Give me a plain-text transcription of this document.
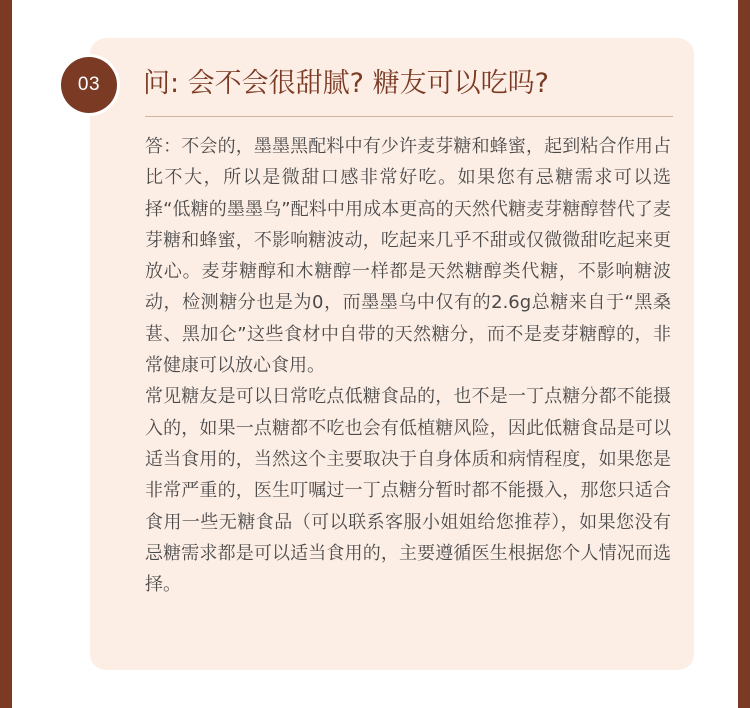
03	问: 会不会很甜腻? 糖友可以吃吗?

答：不会的，墨墨黑配料中有少许麦芽糖和蜂蜜，起到粘合作用占比不大，所以是微甜口感非常好吃。如果您有忌糖需求可以选择“低糖的墨墨乌”配料中用成本更高的天然代糖麦芽糖醇替代了麦芽糖和蜂蜜，不影响糖波动，吃起来几乎不甜或仅微微甜吃起来更放心。麦芽糖醇和木糖醇一样都是天然糖醇类代糖，不影响糖波动，检测糖分也是为0，而墨墨乌中仅有的2.6g总糖来自于“黑桑葚、黑加仑”这些食材中自带的天然糖分，而不是麦芽糖醇的，非常健康可以放心食用。

常见糖友是可以日常吃点低糖食品的，也不是一丁点糖分都不能摄入的，如果一点糖都不吃也会有低植糖风险，因此低糖食品是可以适当食用的，当然这个主要取决于自身体质和病情程度，如果您是非常严重的，医生叮嘱过一丁点糖分暂时都不能摄入，那您只适合食用一些无糖食品（可以联系客服小姐姐给您推荐），如果您没有忌糖需求都是可以适当食用的，主要遵循医生根据您个人情况而选择。
